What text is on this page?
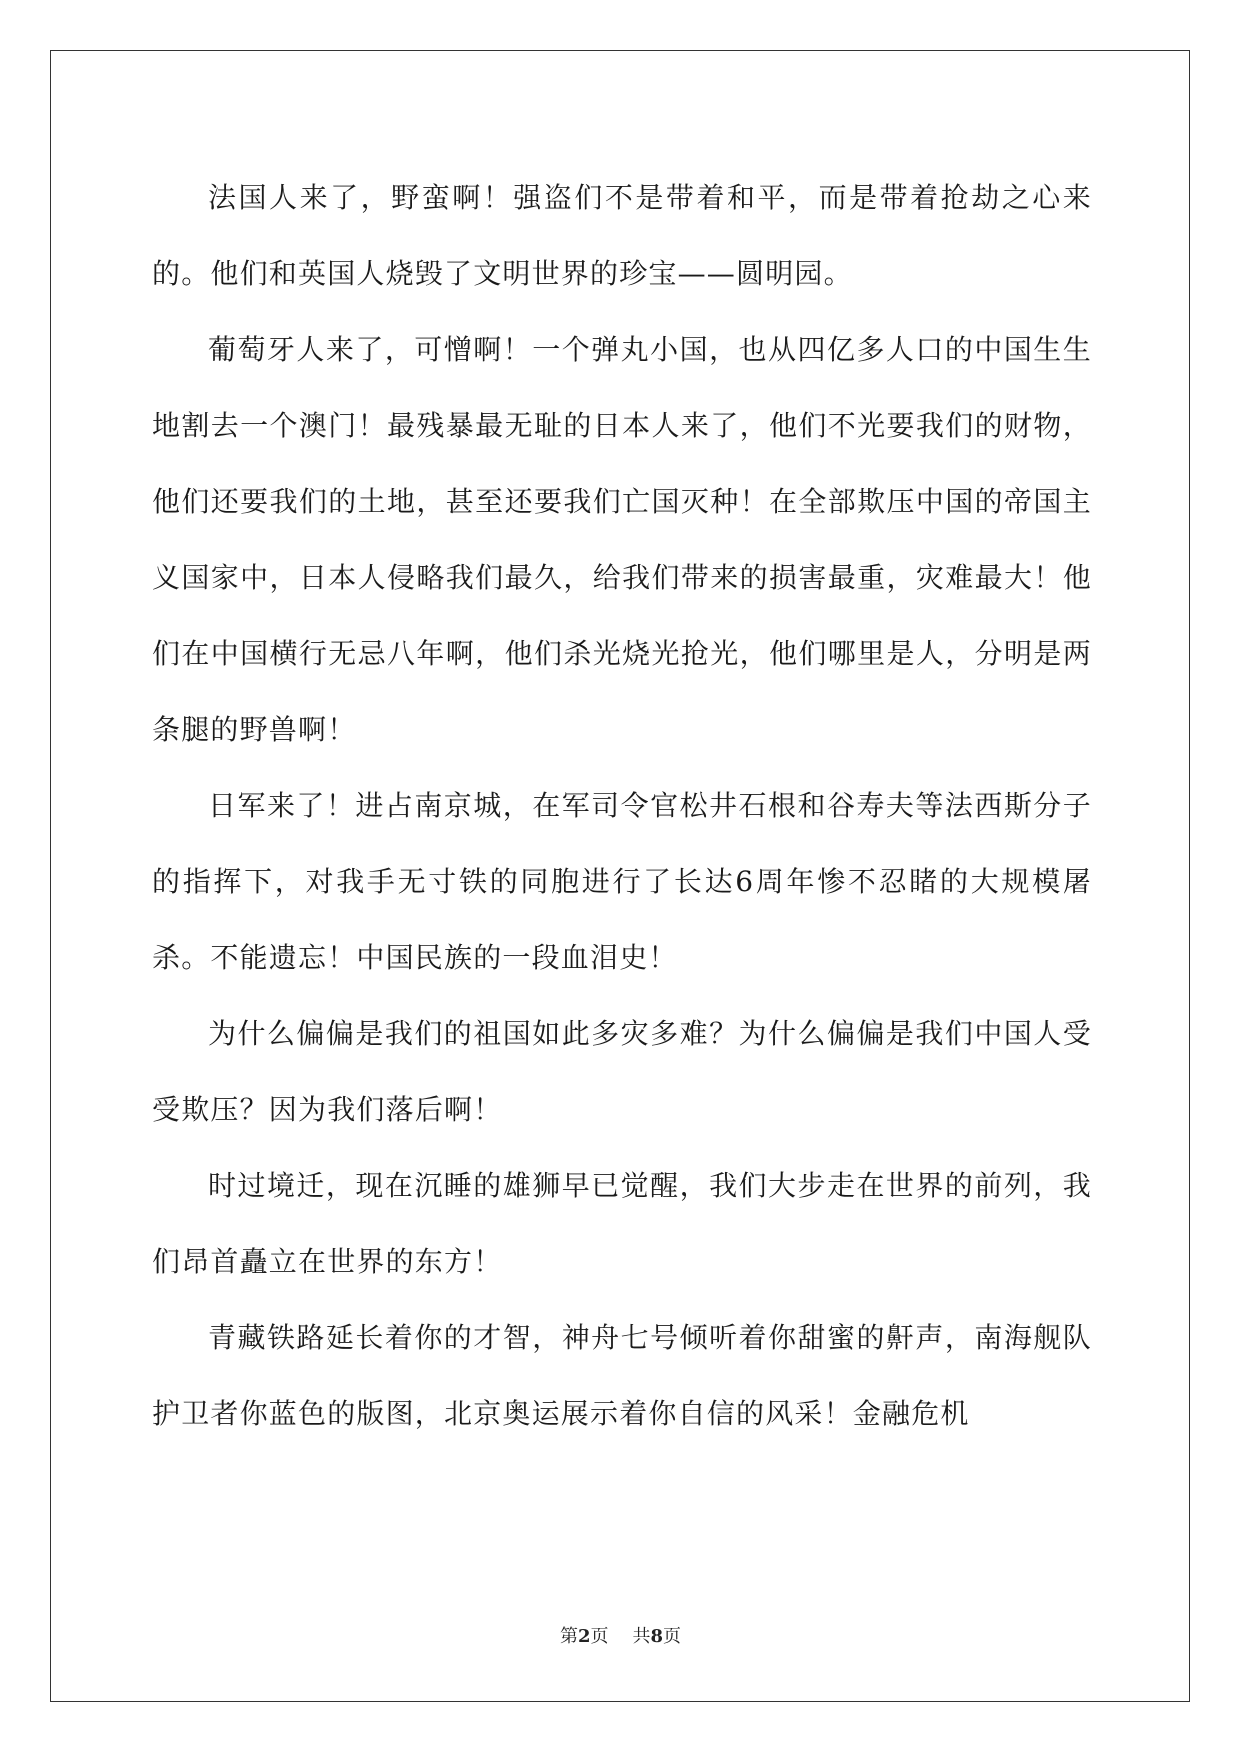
法国人来了，野蛮啊！强盗们不是带着和平，而是带着抢劫之心来的。他们和英国人烧毁了文明世界的珍宝——圆明园。

葡萄牙人来了，可憎啊！一个弹丸小国，也从四亿多人口的中国生生地割去一个澳门！最残暴最无耻的日本人来了，他们不光要我们的财物，他们还要我们的土地，甚至还要我们亡国灭种！在全部欺压中国的帝国主义国家中，日本人侵略我们最久，给我们带来的损害最重，灾难最大！他们在中国横行无忌八年啊，他们杀光烧光抢光，他们哪里是人，分明是两条腿的野兽啊！

日军来了！进占南京城，在军司令官松井石根和谷寿夫等法西斯分子的指挥下，对我手无寸铁的同胞进行了长达6周年惨不忍睹的大规模屠杀。不能遗忘！中国民族的一段血泪史！

为什么偏偏是我们的祖国如此多灾多难？为什么偏偏是我们中国人受受欺压？因为我们落后啊！

时过境迁，现在沉睡的雄狮早已觉醒，我们大步走在世界的前列，我们昂首矗立在世界的东方！

青藏铁路延长着你的才智，神舟七号倾听着你甜蜜的鼾声，南海舰队护卫者你蓝色的版图，北京奥运展示着你自信的风采！金融危机

第2页 共8页
